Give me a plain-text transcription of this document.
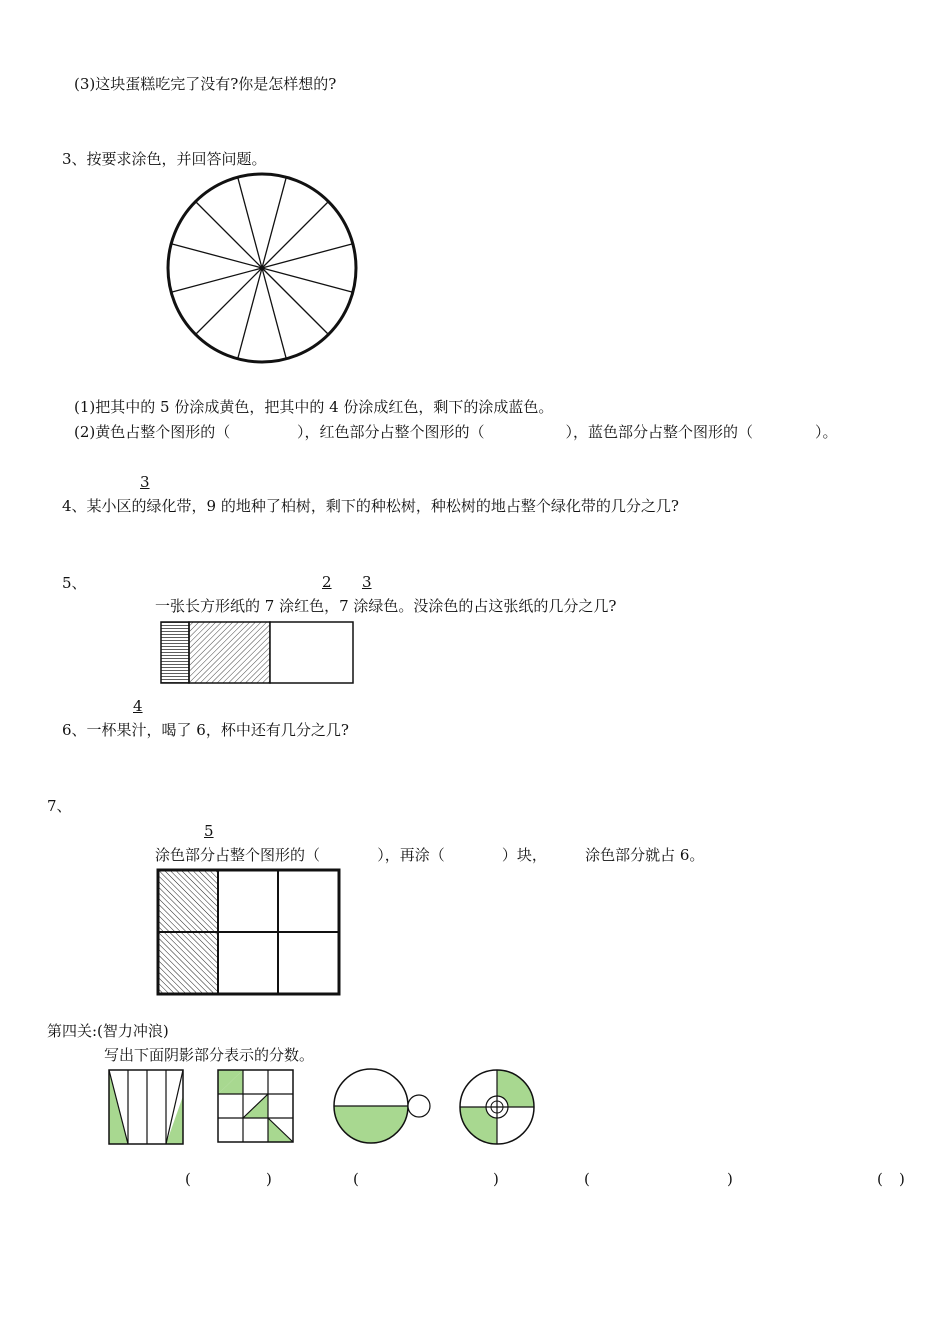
(3)这块蛋糕吃完了没有?你是怎样想的?
3、按要求涂色，并回答问题。
(1)把其中的 5 份涂成黄色，把其中的 4 份涂成红色，剩下的涂成蓝色。
(2)黄色占整个图形的（              ），红色部分占整个图形的（                 ），蓝色部分占整个图形的（             ）。
3
4、某小区的绿化带，9 的地种了柏树，剩下的种松树，种松树的地占整个绿化带的几分之几?
5、	2 3
一张长方形纸的 7 涂红色，7 涂绿色。没涂色的占这张纸的几分之几?
4
6、一杯果汁，喝了 6，杯中还有几分之几?
7、
5
涂色部分占整个图形的（            ），再涂（            ）块，        涂色部分就占 6。
第四关:(智力冲浪)
写出下面阴影部分表示的分数。
(	)	(	)	(	)	( )
